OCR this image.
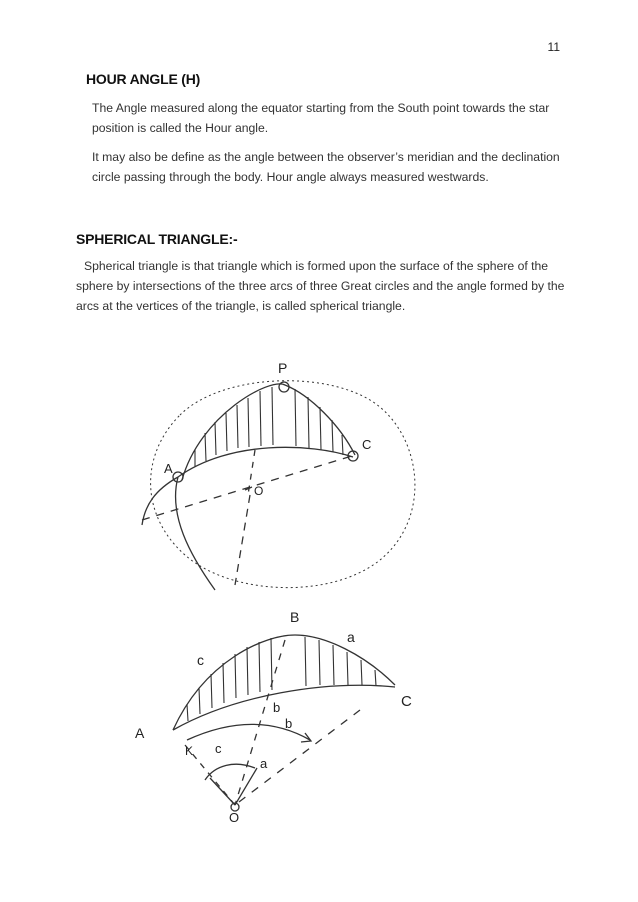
11
HOUR ANGLE (H)
The Angle measured along the equator starting from the South point towards the star
position is called the Hour angle.
It may also be define as the angle between the observer’s meridian and the declination
circle passing through the body. Hour angle always measured westwards.
SPHERICAL TRIANGLE:-
Spherical triangle is that triangle which is formed upon the surface of the sphere of the
sphere by intersections of the three arcs of three Great circles and the angle formed by the
arcs at the vertices of the triangle, is called spherical triangle.
P
A
C
O
B
c
a
A
C
b
b
K c
a
O
